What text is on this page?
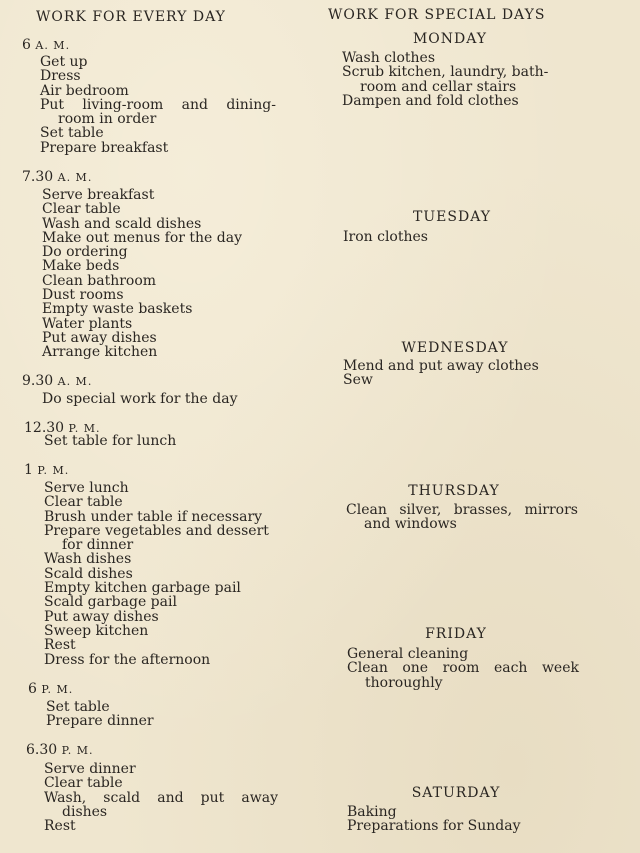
WORK FOR EVERY DAY
6 A. M.
Get up
Dress
Air bedroom
Put living-room and dining-
room in order
Set table
Prepare breakfast
7.30 A. M.
Serve breakfast
Clear table
Wash and scald dishes
Make out menus for the day
Do ordering
Make beds
Clean bathroom
Dust rooms
Empty waste baskets
Water plants
Put away dishes
Arrange kitchen
9.30 A. M.
Do special work for the day
12.30 P. M.
Set table for lunch
1 P. M.
Serve lunch
Clear table
Brush under table if necessary
Prepare vegetables and dessert
for dinner
Wash dishes
Scald dishes
Empty kitchen garbage pail
Scald garbage pail
Put away dishes
Sweep kitchen
Rest
Dress for the afternoon
6 P. M.
Set table
Prepare dinner
6.30 P. M.
Serve dinner
Clear table
Wash, scald and put away
dishes
Rest
WORK FOR SPECIAL DAYS
MONDAY
Wash clothes
Scrub kitchen, laundry, bath-
room and cellar stairs
Dampen and fold clothes
TUESDAY
Iron clothes
WEDNESDAY
Mend and put away clothes
Sew
THURSDAY
Clean silver, brasses, mirrors
and windows
FRIDAY
General cleaning
Clean one room each week
thoroughly
SATURDAY
Baking
Preparations for Sunday
